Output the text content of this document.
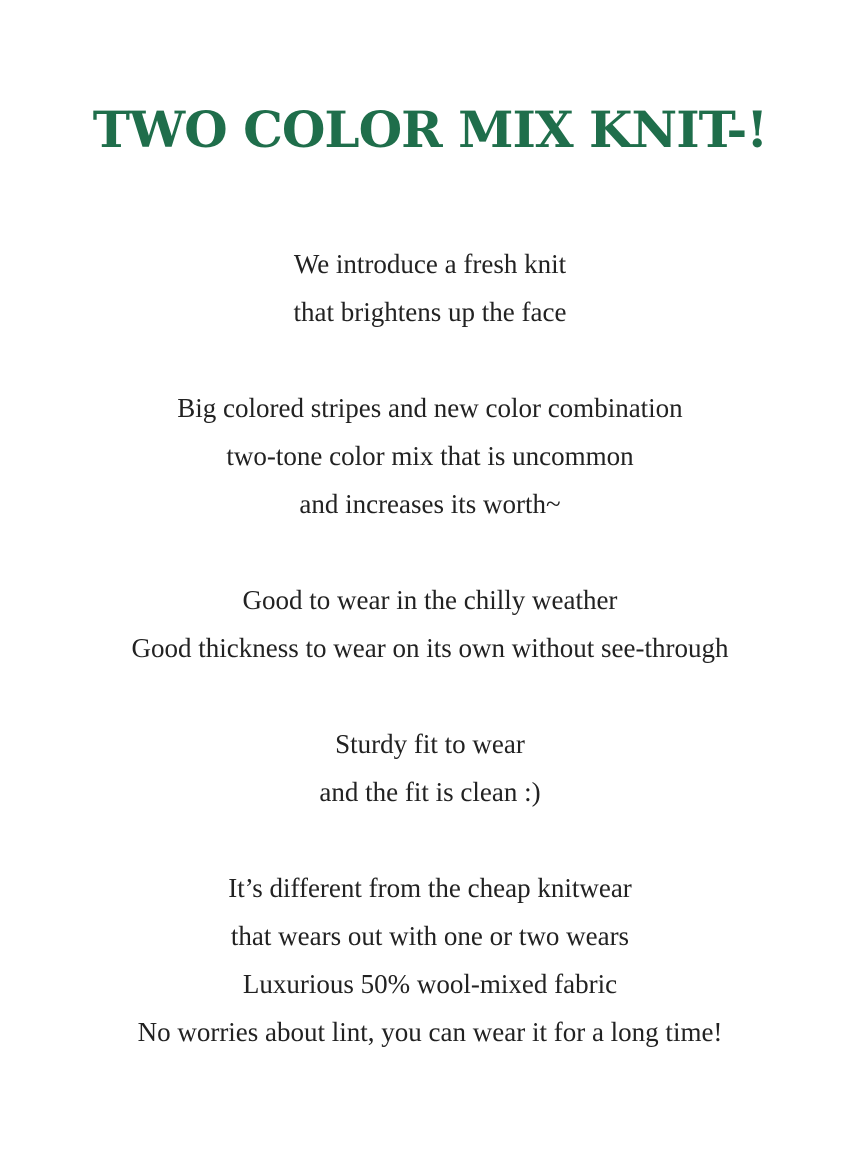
TWO COLOR MIX KNIT-!
We introduce a fresh knit
that brightens up the face
Big colored stripes and new color combination
two-tone color mix that is uncommon
and increases its worth~
Good to wear in the chilly weather
Good thickness to wear on its own without see-through
Sturdy fit to wear
and the fit is clean :)
It’s different from the cheap knitwear
that wears out with one or two wears
Luxurious 50% wool-mixed fabric
No worries about lint, you can wear it for a long time!
